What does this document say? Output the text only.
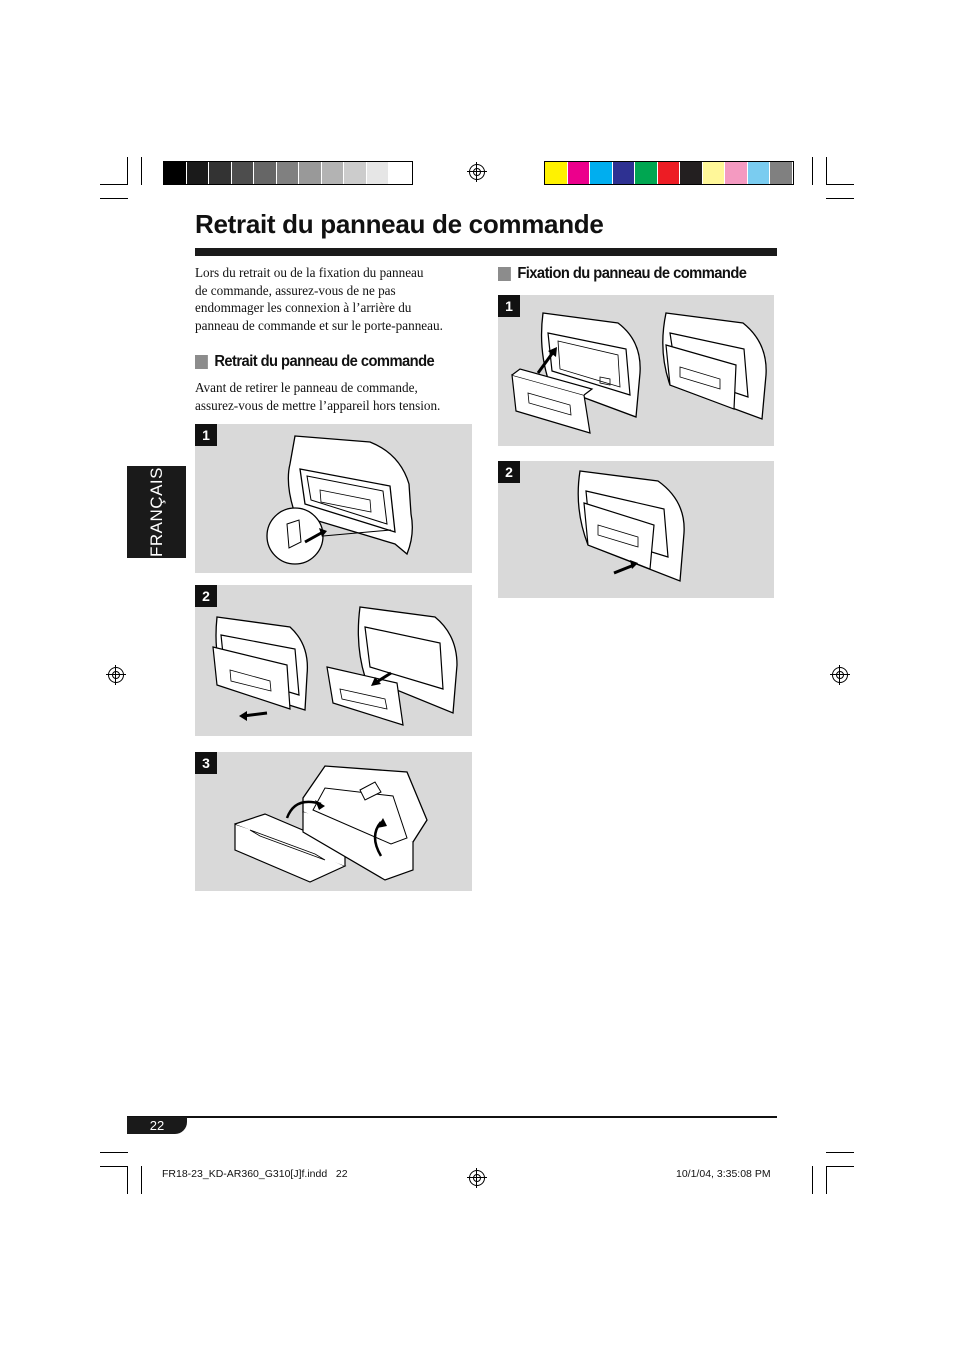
Retrait du panneau de commande
Lors du retrait ou de la fixation du panneau
de commande, assurez-vous de ne pas
endommager les connexion à l’arrière du
panneau de commande et sur le porte-panneau.
Retrait du panneau de commande
Avant de retirer le panneau de commande,
assurez-vous de mettre l’appareil hors tension.
1
2
3
Fixation du panneau de commande
1
2
FRANÇAIS
22
FR18-23_KD-AR360_G310[J]f.indd   22	10/1/04, 3:35:08 PM
